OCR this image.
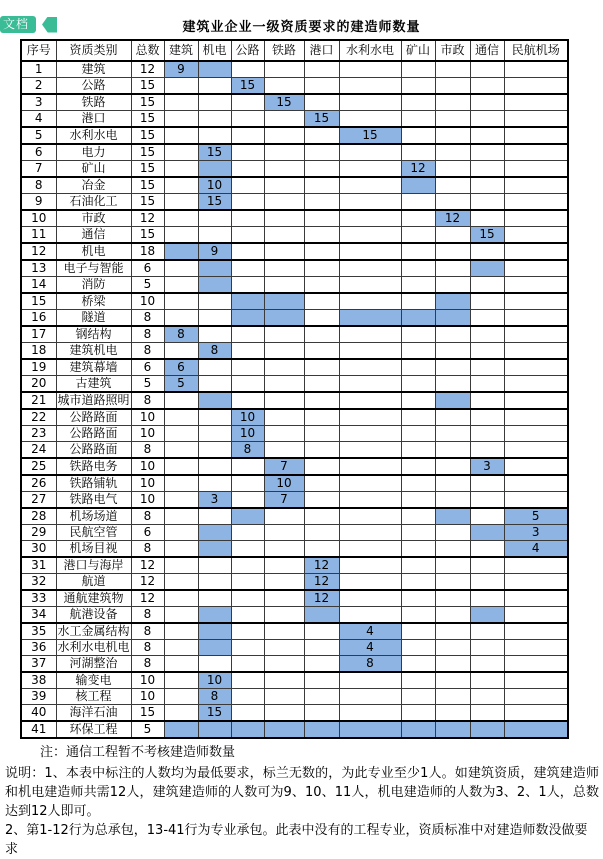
文档	建筑业企业一级资质要求的建造师数量
序号	资质类别	总数	建筑	机电	公路	铁路	港口	水利水电	矿山	市政	通信	民航机场
1	建筑	12	9									
2	公路	15			15							
3	铁路	15				15						
4	港口	15					15					
5	水利水电	15						15				
6	电力	15		15								
7	矿山	15							12			
8	冶金	15		10								
9	石油化工	15		15								
10	市政	12								12		
11	通信	15									15	
12	机电	18		9								
13	电子与智能	6										
14	消防	5										
15	桥梁	10										
16	隧道	8										
17	钢结构	8	8									
18	建筑机电	8		8								
19	建筑幕墙	6	6									
20	古建筑	5	5									
21	城市道路照明	8										
22	公路路面	10			10							
23	公路路面	10			10							
24	公路路面	8			8							
25	铁路电务	10				7					3	
26	铁路铺轨	10				10						
27	铁路电气	10		3		7						
28	机场场道	8										5
29	民航空管	6										3
30	机场目视	8										4
31	港口与海岸	12					12					
32	航道	12					12					
33	通航建筑物	12					12					
34	航港设备	8										
35	水工金属结构	8						4				
36	水利水电机电	8						4				
37	河湖整治	8						8				
38	输变电	10		10								
39	核工程	10		8								
40	海洋石油	15		15								
41	环保工程	5										
注：通信工程暂不考核建造师数量
说明：1、本表中标注的人数均为最低要求，标兰无数的，为此专业至少1人。如建筑资质，建筑建造师和机电建造师共需12人，建筑建造师的人数可为9、10、11人，机电建造师的人数为3、2、1人，总数达到12人即可。
2、第1-12行为总承包，13-41行为专业承包。此表中没有的工程专业，资质标准中对建造师数没做要求
